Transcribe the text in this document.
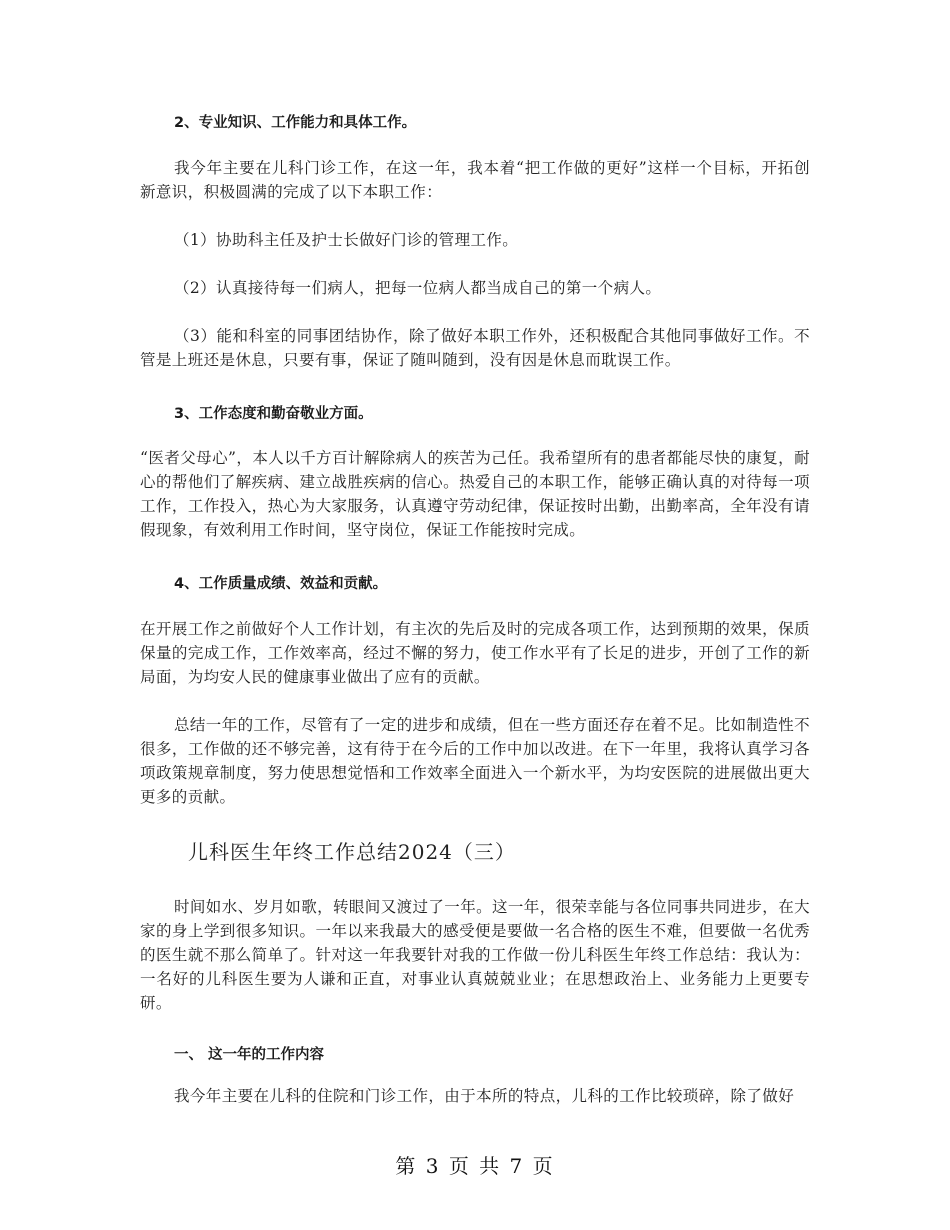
2、专业知识、工作能力和具体工作。
我今年主要在儿科门诊工作，在这一年，我本着“把工作做的更好”这样一个目标，开拓创新意识，积极圆满的完成了以下本职工作：
（1）协助科主任及护士长做好门诊的管理工作。
（2）认真接待每一们病人，把每一位病人都当成自己的第一个病人。
（3）能和科室的同事团结协作，除了做好本职工作外，还积极配合其他同事做好工作。不管是上班还是休息，只要有事，保证了随叫随到，没有因是休息而耽误工作。
3、工作态度和勤奋敬业方面。
“医者父母心”，本人以千方百计解除病人的疾苦为己任。我希望所有的患者都能尽快的康复，耐心的帮他们了解疾病、建立战胜疾病的信心。热爱自己的本职工作，能够正确认真的对待每一项工作，工作投入，热心为大家服务，认真遵守劳动纪律，保证按时出勤，出勤率高，全年没有请假现象，有效利用工作时间，坚守岗位，保证工作能按时完成。
4、工作质量成绩、效益和贡献。
在开展工作之前做好个人工作计划，有主次的先后及时的完成各项工作，达到预期的效果，保质保量的完成工作，工作效率高，经过不懈的努力，使工作水平有了长足的进步，开创了工作的新局面，为均安人民的健康事业做出了应有的贡献。
总结一年的工作，尽管有了一定的进步和成绩，但在一些方面还存在着不足。比如制造性不很多，工作做的还不够完善，这有待于在今后的工作中加以改进。在下一年里，我将认真学习各项政策规章制度，努力使思想觉悟和工作效率全面进入一个新水平，为均安医院的进展做出更大更多的贡献。
儿科医生年终工作总结2024（三）
时间如水、岁月如歌，转眼间又渡过了一年。这一年，很荣幸能与各位同事共同进步，在大家的身上学到很多知识。一年以来我最大的感受便是要做一名合格的医生不难，但要做一名优秀的医生就不那么简单了。针对这一年我要针对我的工作做一份儿科医生年终工作总结：我认为：一名好的儿科医生要为人谦和正直，对事业认真兢兢业业；在思想政治上、业务能力上更要专研。
一、 这一年的工作内容
我今年主要在儿科的住院和门诊工作，由于本所的特点，儿科的工作比较琐碎，除了做好
第 3 页 共 7 页
